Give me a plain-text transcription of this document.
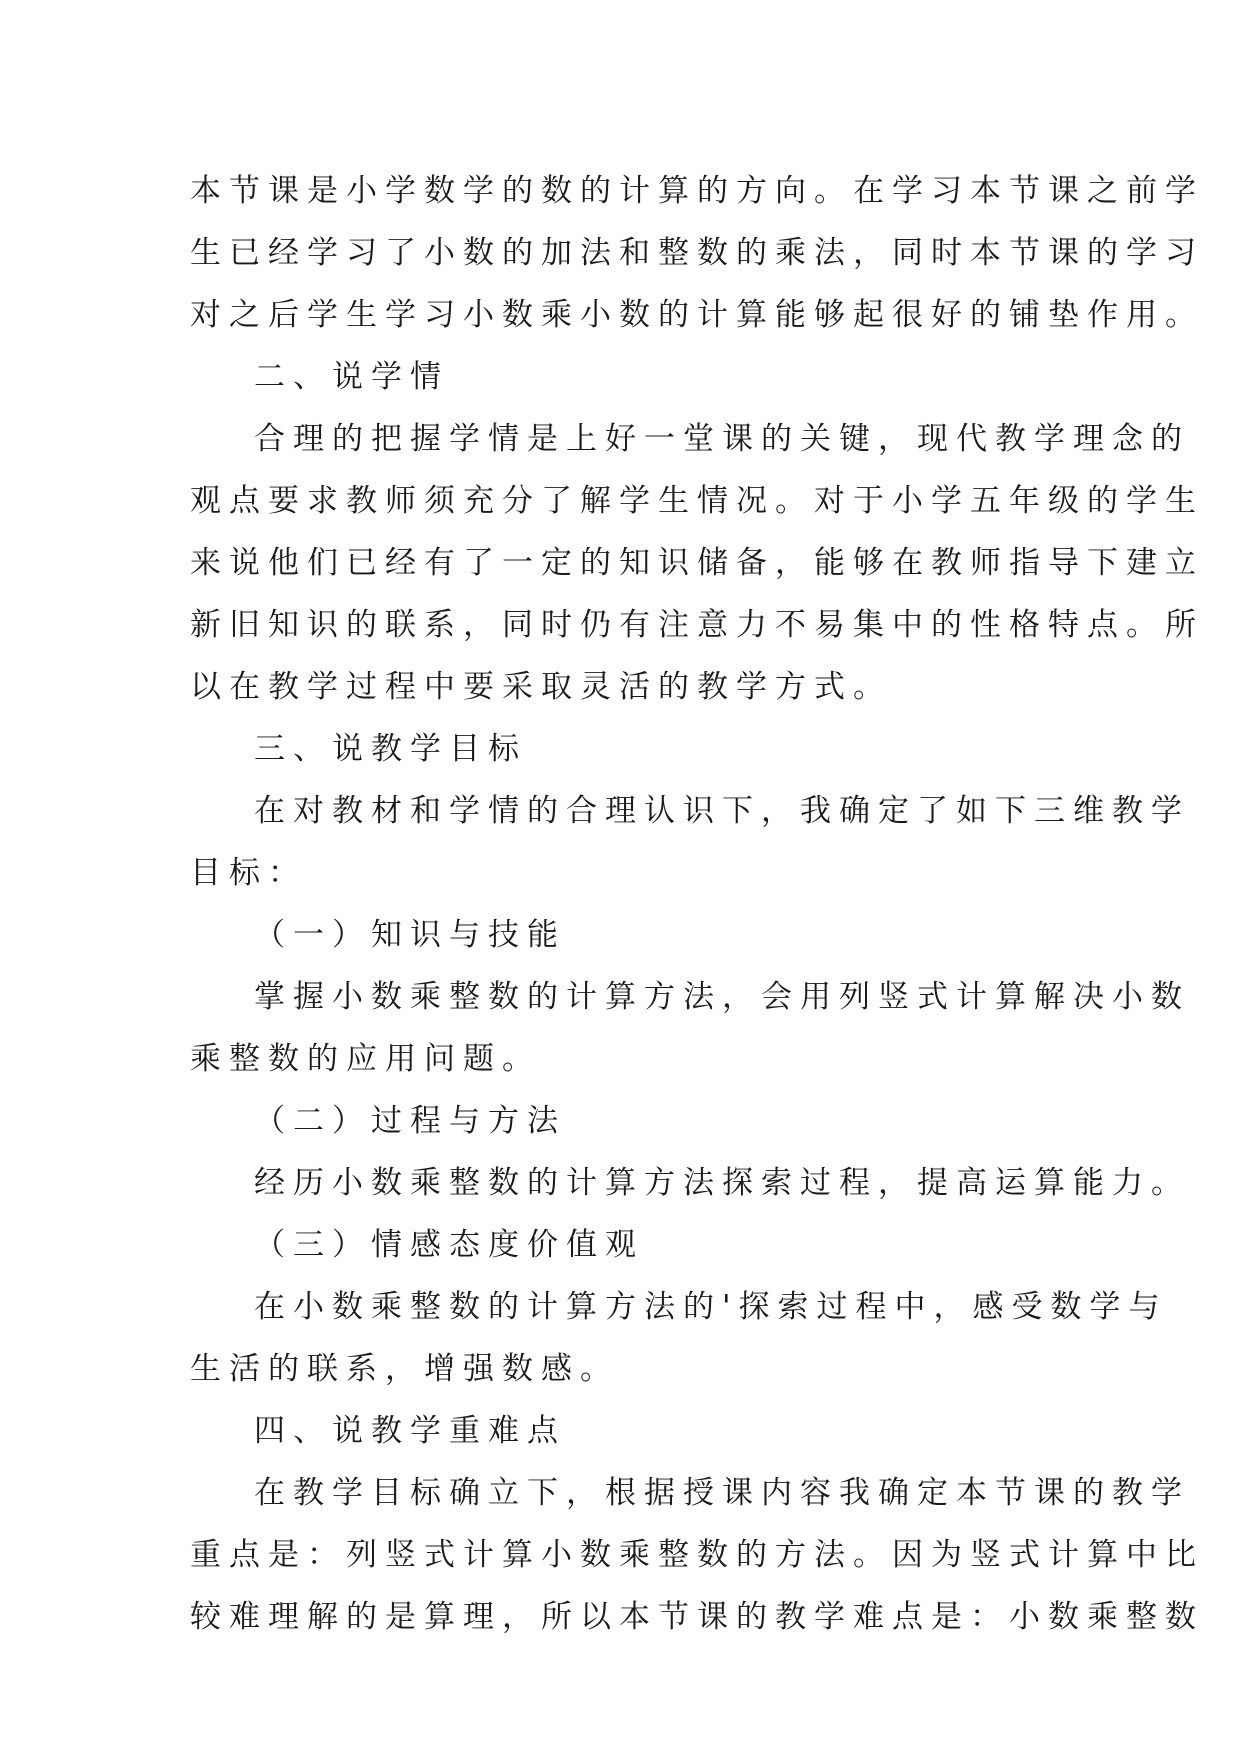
本节课是小学数学的数的计算的方向。在学习本节课之前学
生已经学习了小数的加法和整数的乘法，同时本节课的学习
对之后学生学习小数乘小数的计算能够起很好的铺垫作用。
二、说学情
合理的把握学情是上好一堂课的关键，现代教学理念的
观点要求教师须充分了解学生情况。对于小学五年级的学生
来说他们已经有了一定的知识储备，能够在教师指导下建立
新旧知识的联系，同时仍有注意力不易集中的性格特点。所
以在教学过程中要采取灵活的教学方式。
三、说教学目标
在对教材和学情的合理认识下，我确定了如下三维教学
目标：
（一）知识与技能
掌握小数乘整数的计算方法，会用列竖式计算解决小数
乘整数的应用问题。
（二）过程与方法
经历小数乘整数的计算方法探索过程，提高运算能力。
（三）情感态度价值观
在小数乘整数的计算方法的'探索过程中，感受数学与
生活的联系，增强数感。
四、说教学重难点
在教学目标确立下，根据授课内容我确定本节课的教学
重点是：列竖式计算小数乘整数的方法。因为竖式计算中比
较难理解的是算理，所以本节课的教学难点是：小数乘整数
